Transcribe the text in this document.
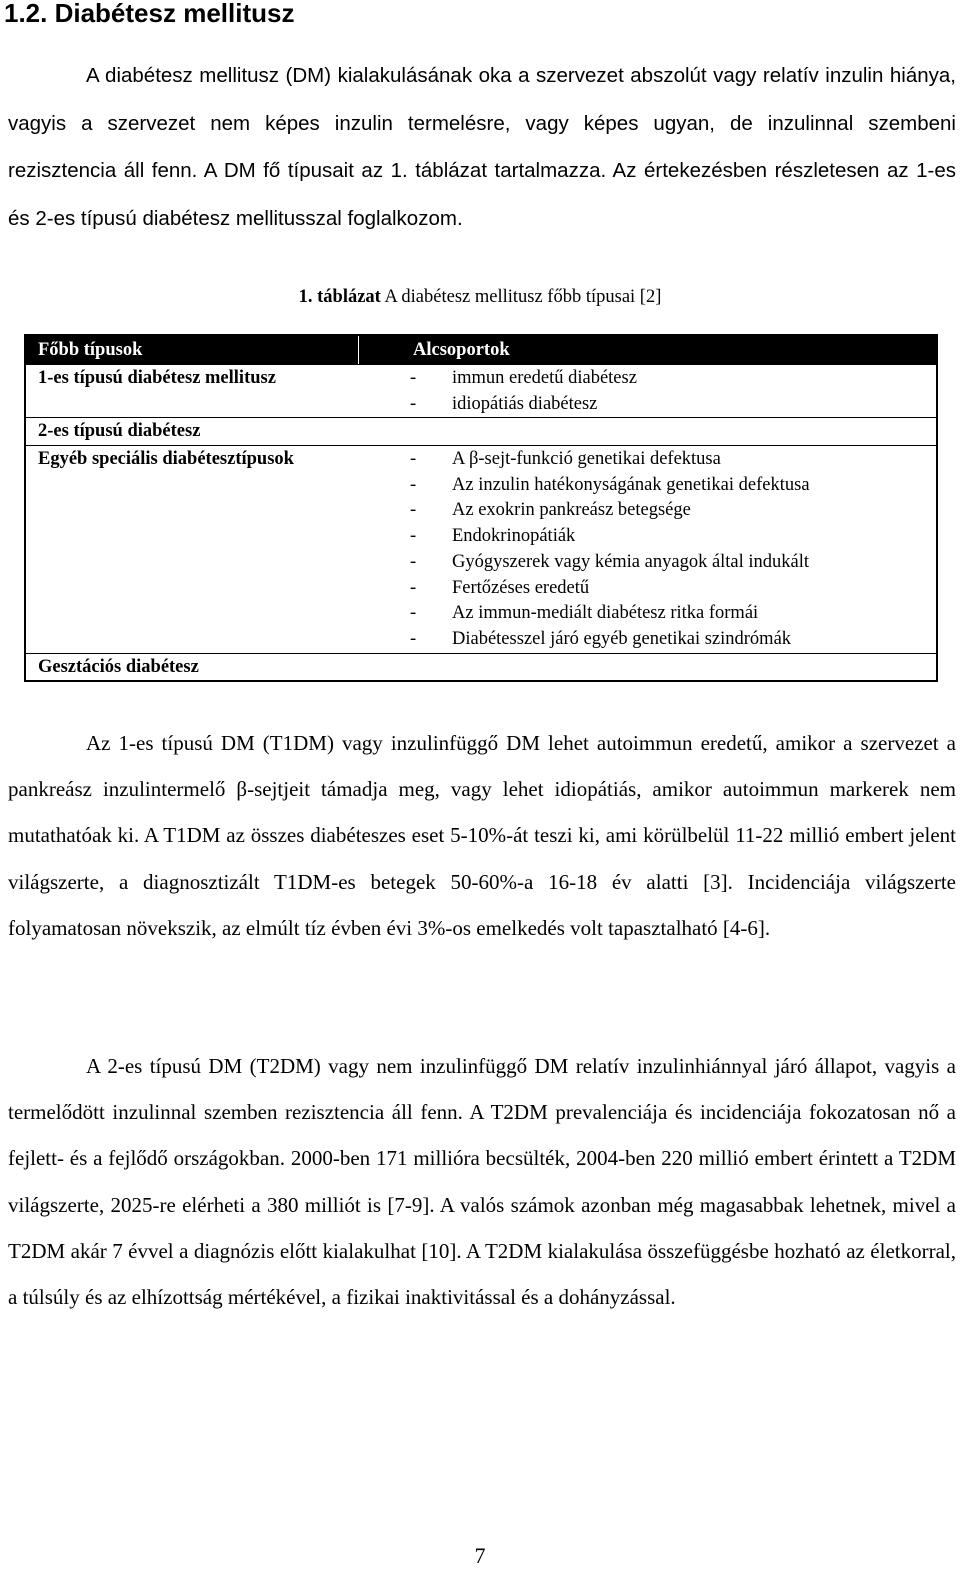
1.2. Diabétesz mellitusz

A diabétesz mellitusz (DM) kialakulásának oka a szervezet abszolút vagy relatív inzulin hiánya, vagyis a szervezet nem képes inzulin termelésre, vagy képes ugyan, de inzulinnal szembeni rezisztencia áll fenn. A DM fő típusait az 1. táblázat tartalmazza. Az értekezésben részletesen az 1-es és 2-es típusú diabétesz mellitusszal foglalkozom.

1. táblázat A diabétesz mellitusz főbb típusai [2]

Főbb típusok	Alcsoportok
1-es típusú diabétesz mellitusz	- immun eredetű diabétesz
- idiopátiás diabétesz
2-es típusú diabétesz
Egyéb speciális diabétesztípusok	- A β-sejt-funkció genetikai defektusa
- Az inzulin hatékonyságának genetikai defektusa
- Az exokrin pankreász betegsége
- Endokrinopátiák
- Gyógyszerek vagy kémia anyagok által indukált
- Fertőzéses eredetű
- Az immun-mediált diabétesz ritka formái
- Diabétesszel járó egyéb genetikai szindrómák
Gesztációs diabétesz

Az 1-es típusú DM (T1DM) vagy inzulinfüggő DM lehet autoimmun eredetű, amikor a szervezet a pankreász inzulintermelő β-sejtjeit támadja meg, vagy lehet idiopátiás, amikor autoimmun markerek nem mutathatóak ki. A T1DM az összes diabéteszes eset 5-10%-át teszi ki, ami körülbelül 11-22 millió embert jelent világszerte, a diagnosztizált T1DM-es betegek 50-60%-a 16-18 év alatti [3]. Incidenciája világszerte folyamatosan növekszik, az elmúlt tíz évben évi 3%-os emelkedés volt tapasztalható [4-6].

A 2-es típusú DM (T2DM) vagy nem inzulinfüggő DM relatív inzulinhiánnyal járó állapot, vagyis a termelődött inzulinnal szemben rezisztencia áll fenn. A T2DM prevalenciája és incidenciája fokozatosan nő a fejlett- és a fejlődő országokban. 2000-ben 171 millióra becsülték, 2004-ben 220 millió embert érintett a T2DM világszerte, 2025-re elérheti a 380 milliót is [7-9]. A valós számok azonban még magasabbak lehetnek, mivel a T2DM akár 7 évvel a diagnózis előtt kialakulhat [10]. A T2DM kialakulása összefüggésbe hozható az életkorral, a túlsúly és az elhízottság mértékével, a fizikai inaktivitással és a dohányzással.

7
